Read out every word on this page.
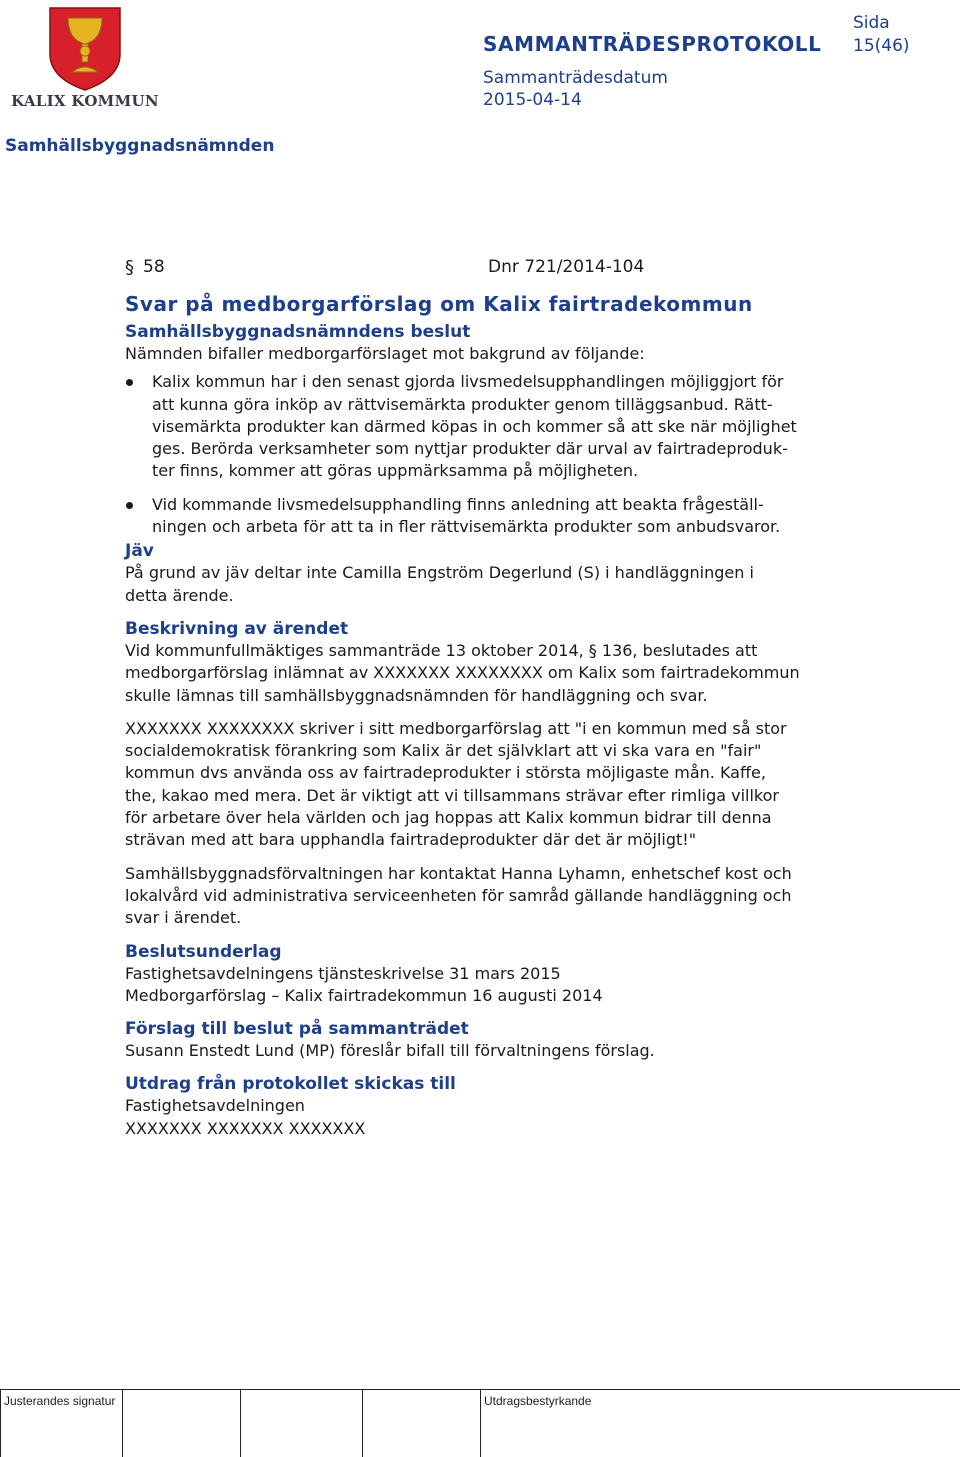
KALIX KOMMUN
SAMMANTRÄDESPROTOKOLL
Sida
15(46)
Sammanträdesdatum
2015-04-14
Samhällsbyggnadsnämnden
§ 58	Dnr 721/2014-104
Svar på medborgarförslag om Kalix fairtradekommun
Samhällsbyggnadsnämndens beslut
Nämnden bifaller medborgarförslaget mot bakgrund av följande:
Kalix kommun har i den senast gjorda livsmedelsupphandlingen möjliggjort för
att kunna göra inköp av rättvisemärkta produkter genom tilläggsanbud. Rätt-
visemärkta produkter kan därmed köpas in och kommer så att ske när möjlighet
ges. Berörda verksamheter som nyttjar produkter där urval av fairtradeproduk-
ter finns, kommer att göras uppmärksamma på möjligheten.
Vid kommande livsmedelsupphandling finns anledning att beakta frågeställ-
ningen och arbeta för att ta in fler rättvisemärkta produkter som anbudsvaror.
Jäv
På grund av jäv deltar inte Camilla Engström Degerlund (S) i handläggningen i
detta ärende.
Beskrivning av ärendet
Vid kommunfullmäktiges sammanträde 13 oktober 2014, § 136, beslutades att
medborgarförslag inlämnat av XXXXXXX XXXXXXXX om Kalix som fairtradekommun
skulle lämnas till samhällsbyggnadsnämnden för handläggning och svar.
XXXXXXX XXXXXXXX skriver i sitt medborgarförslag att "i en kommun med så stor
socialdemokratisk förankring som Kalix är det självklart att vi ska vara en "fair"
kommun dvs använda oss av fairtradeprodukter i största möjligaste mån. Kaffe,
the, kakao med mera. Det är viktigt att vi tillsammans strävar efter rimliga villkor
för arbetare över hela världen och jag hoppas att Kalix kommun bidrar till denna
strävan med att bara upphandla fairtradeprodukter där det är möjligt!"
Samhällsbyggnadsförvaltningen har kontaktat Hanna Lyhamn, enhetschef kost och
lokalvård vid administrativa serviceenheten för samråd gällande handläggning och
svar i ärendet.
Beslutsunderlag
Fastighetsavdelningens tjänsteskrivelse 31 mars 2015
Medborgarförslag – Kalix fairtradekommun 16 augusti 2014
Förslag till beslut på sammanträdet
Susann Enstedt Lund (MP) föreslår bifall till förvaltningens förslag.
Utdrag från protokollet skickas till
Fastighetsavdelningen
XXXXXXX XXXXXXX XXXXXXX
Justerandes signatur	Utdragsbestyrkande
